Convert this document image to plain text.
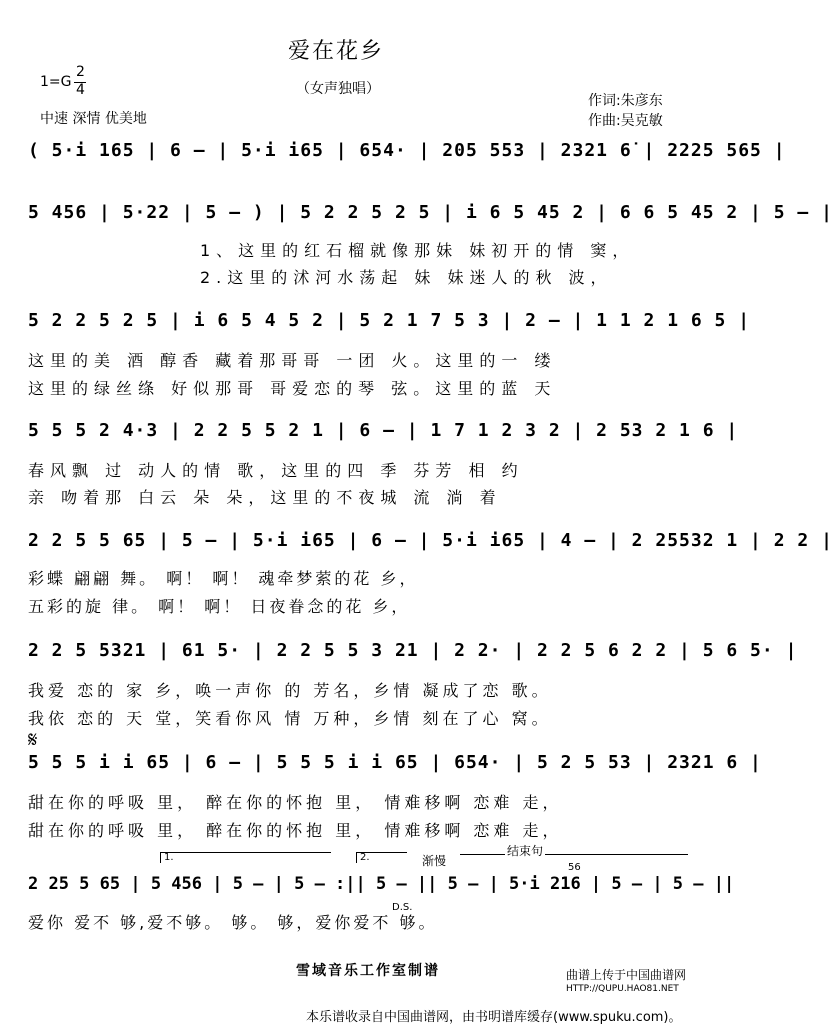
爱在花乡
（女声独唱）
1=G
2
4
中速 深情 优美地
作词:朱彦东
作曲:吴克敏
( 5·i 165 | 6 – | 5·i i65 | 654· | 205 553 | 2321 6̇ | 2225 565 |
5 456 | 5·22 | 5 – ) | 5 2 2 5 2 5 | i 6 5 45 2 | 6 6 5 45 2 | 5 – |
1、这里的红石榴就像那妹 妹初开的情 窦，
2.这里的沭河水荡起 妹 妹迷人的秋 波，
5 2 2 5 2 5 | i 6 5 4 5 2 | 5 2 1 7 5 3 | 2 – | 1 1 2 1 6 5 |
这里的美 酒 醇香 藏着那哥哥 一团 火。这里的一 缕
这里的绿丝绦 好似那哥 哥爱恋的琴 弦。这里的蓝 天
5 5 5 2 4·3 | 2 2 5 5 2 1 | 6 – | 1 7 1 2 3 2 | 2 53 2 1 6 |
春风飘 过 动人的情 歌，这里的四 季 芬芳 相 约
亲 吻着那 白云 朵 朵，这里的不夜城 流 淌 着
2 2 5 5 65 | 5 – | 5·i i65 | 6 – | 5·i i65 | 4 – | 2 25532 1 | 2 2 |
彩蝶 翩翩 舞。 啊！ 啊！ 魂牵梦萦的花 乡，
五彩的旋 律。 啊！ 啊！ 日夜眷念的花 乡，
2 2 5 5321 | 61 5· | 2 2 5 5 3 21 | 2 2· | 2 2 5 6 2 2 | 5 6 5· |
我爱 恋的 家 乡，唤一声你 的 芳名，乡情 凝成了恋 歌。
我依 恋的 天 堂，笑看你风 情 万种，乡情 刻在了心 窝。
𝄋
5 5 5 i i 65 | 6 – | 5 5 5 i i 65 | 654· | 5 2 5 53 | 2321 6 |
甜在你的呼吸 里， 醉在你的怀抱 里， 情难移啊 恋难 走，
甜在你的呼吸 里， 醉在你的怀抱 里， 情难移啊 恋难 走，
1.	2.	渐慢
结束句
56
2 25 5 65 | 5 456 | 5 – | 5 – :|| 5 – || 5 – | 5·i 216 | 5 – | 5 – ||
D.S.
爱你 爱不 够,爱不够。 够。 够，爱你爱不 够。
雪域音乐工作室制谱	曲谱上传于中国曲谱网
HTTP://QUPU.HAO81.NET
本乐谱收录自中国曲谱网，由书明谱库缓存(www.spuku.com)。
